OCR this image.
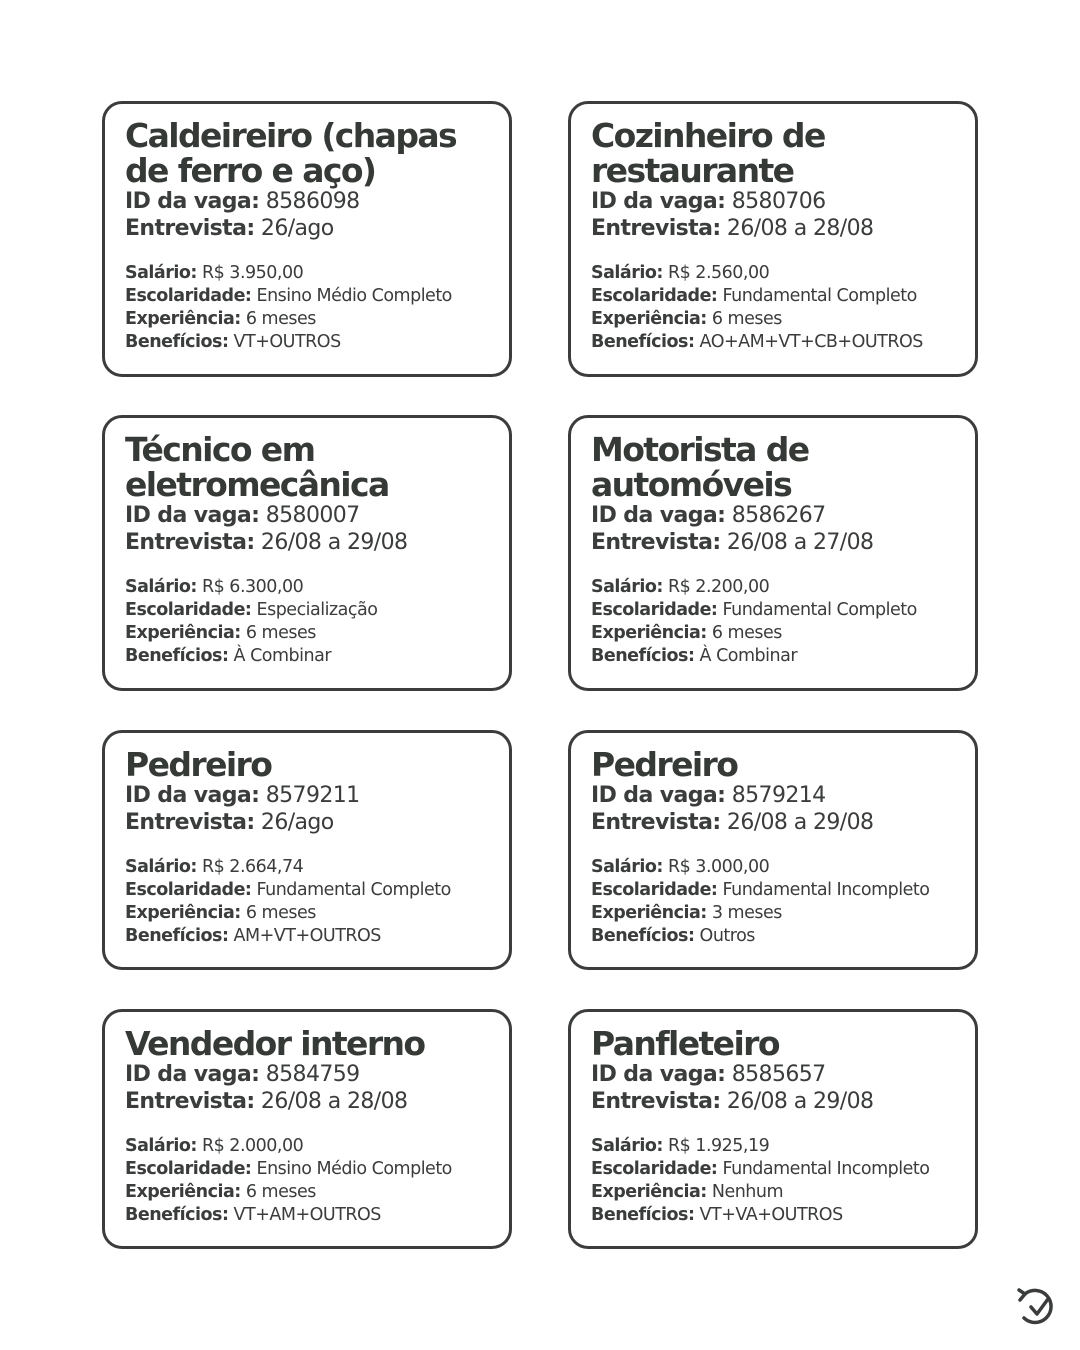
Caldeireiro (chapas
de ferro e aço)
ID da vaga: 8586098
Entrevista: 26/ago
Salário: R$ 3.950,00
Escolaridade: Ensino Médio Completo
Experiência: 6 meses
Benefícios: VT+OUTROS
Cozinheiro de
restaurante
ID da vaga: 8580706
Entrevista: 26/08 a 28/08
Salário: R$ 2.560,00
Escolaridade: Fundamental Completo
Experiência: 6 meses
Benefícios: AO+AM+VT+CB+OUTROS
Técnico em
eletromecânica
ID da vaga: 8580007
Entrevista: 26/08 a 29/08
Salário: R$ 6.300,00
Escolaridade: Especialização
Experiência: 6 meses
Benefícios: À Combinar
Motorista de
automóveis
ID da vaga: 8586267
Entrevista: 26/08 a 27/08
Salário: R$ 2.200,00
Escolaridade: Fundamental Completo
Experiência: 6 meses
Benefícios: À Combinar
Pedreiro
ID da vaga: 8579211
Entrevista: 26/ago
Salário: R$ 2.664,74
Escolaridade: Fundamental Completo
Experiência: 6 meses
Benefícios: AM+VT+OUTROS
Pedreiro
ID da vaga: 8579214
Entrevista: 26/08 a 29/08
Salário: R$ 3.000,00
Escolaridade: Fundamental Incompleto
Experiência: 3 meses
Benefícios: Outros
Vendedor interno
ID da vaga: 8584759
Entrevista: 26/08 a 28/08
Salário: R$ 2.000,00
Escolaridade: Ensino Médio Completo
Experiência: 6 meses
Benefícios: VT+AM+OUTROS
Panfleteiro
ID da vaga: 8585657
Entrevista: 26/08 a 29/08
Salário: R$ 1.925,19
Escolaridade: Fundamental Incompleto
Experiência: Nenhum
Benefícios: VT+VA+OUTROS
